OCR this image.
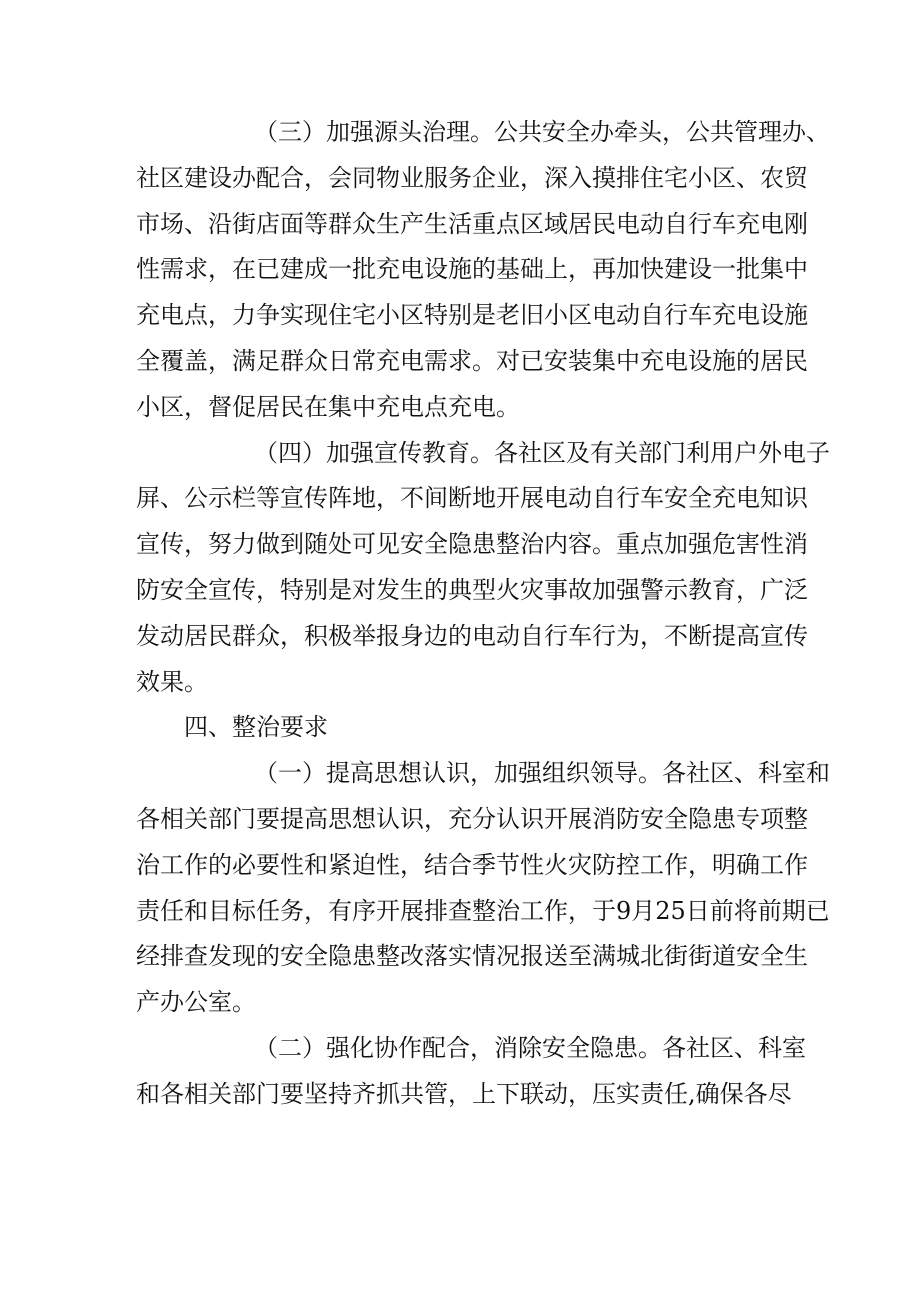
（三）加强源头治理。公共安全办牵头，公共管理办、
社区建设办配合，会同物业服务企业，深入摸排住宅小区、农贸
市场、沿街店面等群众生产生活重点区域居民电动自行车充电刚
性需求，在已建成一批充电设施的基础上，再加快建设一批集中
充电点，力争实现住宅小区特别是老旧小区电动自行车充电设施
全覆盖，满足群众日常充电需求。对已安装集中充电设施的居民
小区，督促居民在集中充电点充电。
（四）加强宣传教育。各社区及有关部门利用户外电子
屏、公示栏等宣传阵地，不间断地开展电动自行车安全充电知识
宣传，努力做到随处可见安全隐患整治内容。重点加强危害性消
防安全宣传，特别是对发生的典型火灾事故加强警示教育，广泛
发动居民群众，积极举报身边的电动自行车行为，不断提高宣传
效果。
四、整治要求
（一）提高思想认识，加强组织领导。各社区、科室和
各相关部门要提高思想认识，充分认识开展消防安全隐患专项整
治工作的必要性和紧迫性，结合季节性火灾防控工作，明确工作
责任和目标任务，有序开展排查整治工作，于9月25日前将前期已
经排查发现的安全隐患整改落实情况报送至满城北街街道安全生
产办公室。
（二）强化协作配合，消除安全隐患。各社区、科室
和各相关部门要坚持齐抓共管，上下联动，压实责任,确保各尽
